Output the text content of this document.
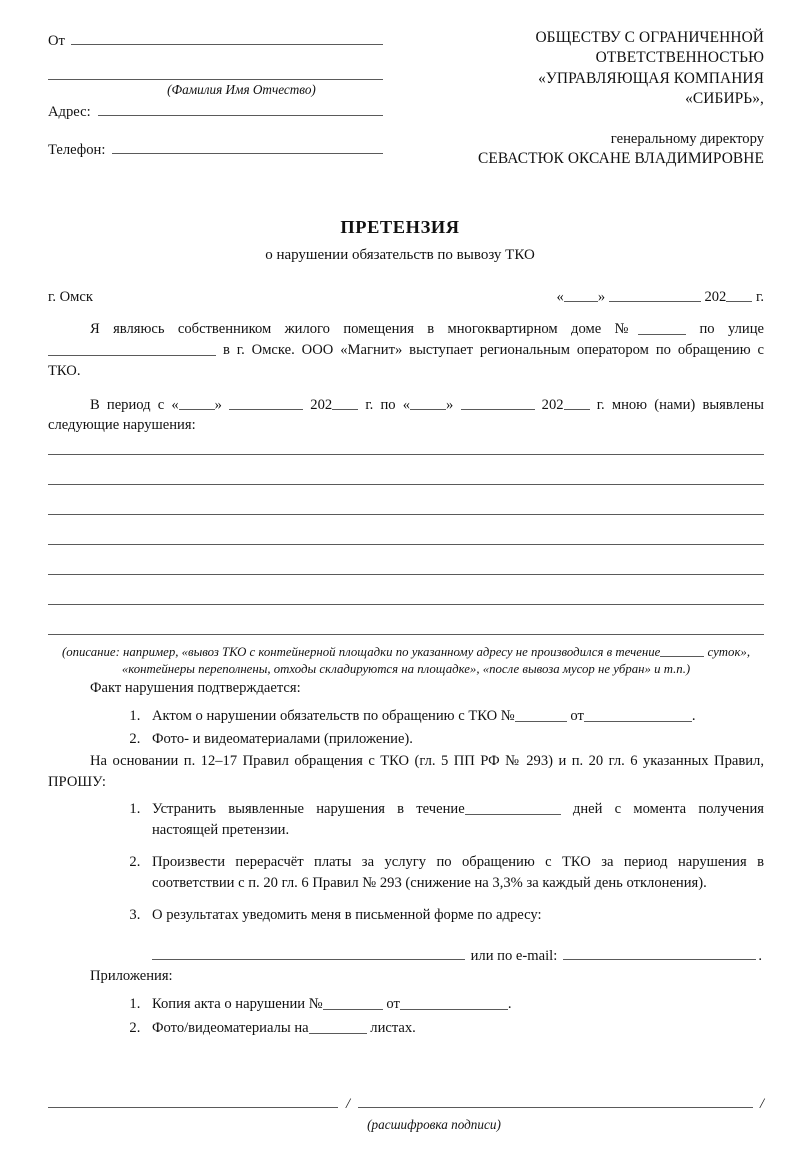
От
(Фамилия Имя Отчество)
Адрес:
Телефон:
ОБЩЕСТВУ С ОГРАНИЧЕННОЙ
ОТВЕТСТВЕННОСТЬЮ
«УПРАВЛЯЮЩАЯ КОМПАНИЯ
«СИБИРЬ»,
генеральному директору
СЕВАСТЮК ОКСАНЕ ВЛАДИМИРОВНЕ
ПРЕТЕНЗИЯ
о нарушении обязательств по вывозу ТКО
г. Омск	« »	202 г.

Я являюсь собственником жилого помещения в многоквартирном доме №	по улице  в г. Омске. ООО «Магнит» выступает региональным оператором по обращению с ТКО.

В период с « »	202 г. по « »	202 г. мною (нами) выявлены следующие нарушения:

(описание: например, «вывоз ТКО с контейнерной площадки по указанному адресу не производился в течение	суток», «контейнеры переполнены, отходы складируются на площадке», «после вывоза мусор не убран» и т.п.)

Факт нарушения подтверждается:

1. Актом о нарушении обязательств по обращению с ТКО №	от	.
2. Фото- и видеоматериалами (приложение).

На основании п. 12–17 Правил обращения с ТКО (гл. 5 ПП РФ № 293) и п. 20 гл. 6 указанных Правил, ПРОШУ:

1. Устранить выявленные нарушения в течение	дней с момента получения настоящей претензии.
2. Произвести перерасчёт платы за услугу по обращению с ТКО за период нарушения в соответствии с п. 20 гл. 6 Правил № 293 (снижение на 3,3% за каждый день отклонения).
3. О результатах уведомить меня в письменной форме по адресу:
или по e-mail:	.

Приложения:

1. Копия акта о нарушении №	от	.
2. Фото/видеоматериалы на	листах.
/	/
(расшифровка подписи)
